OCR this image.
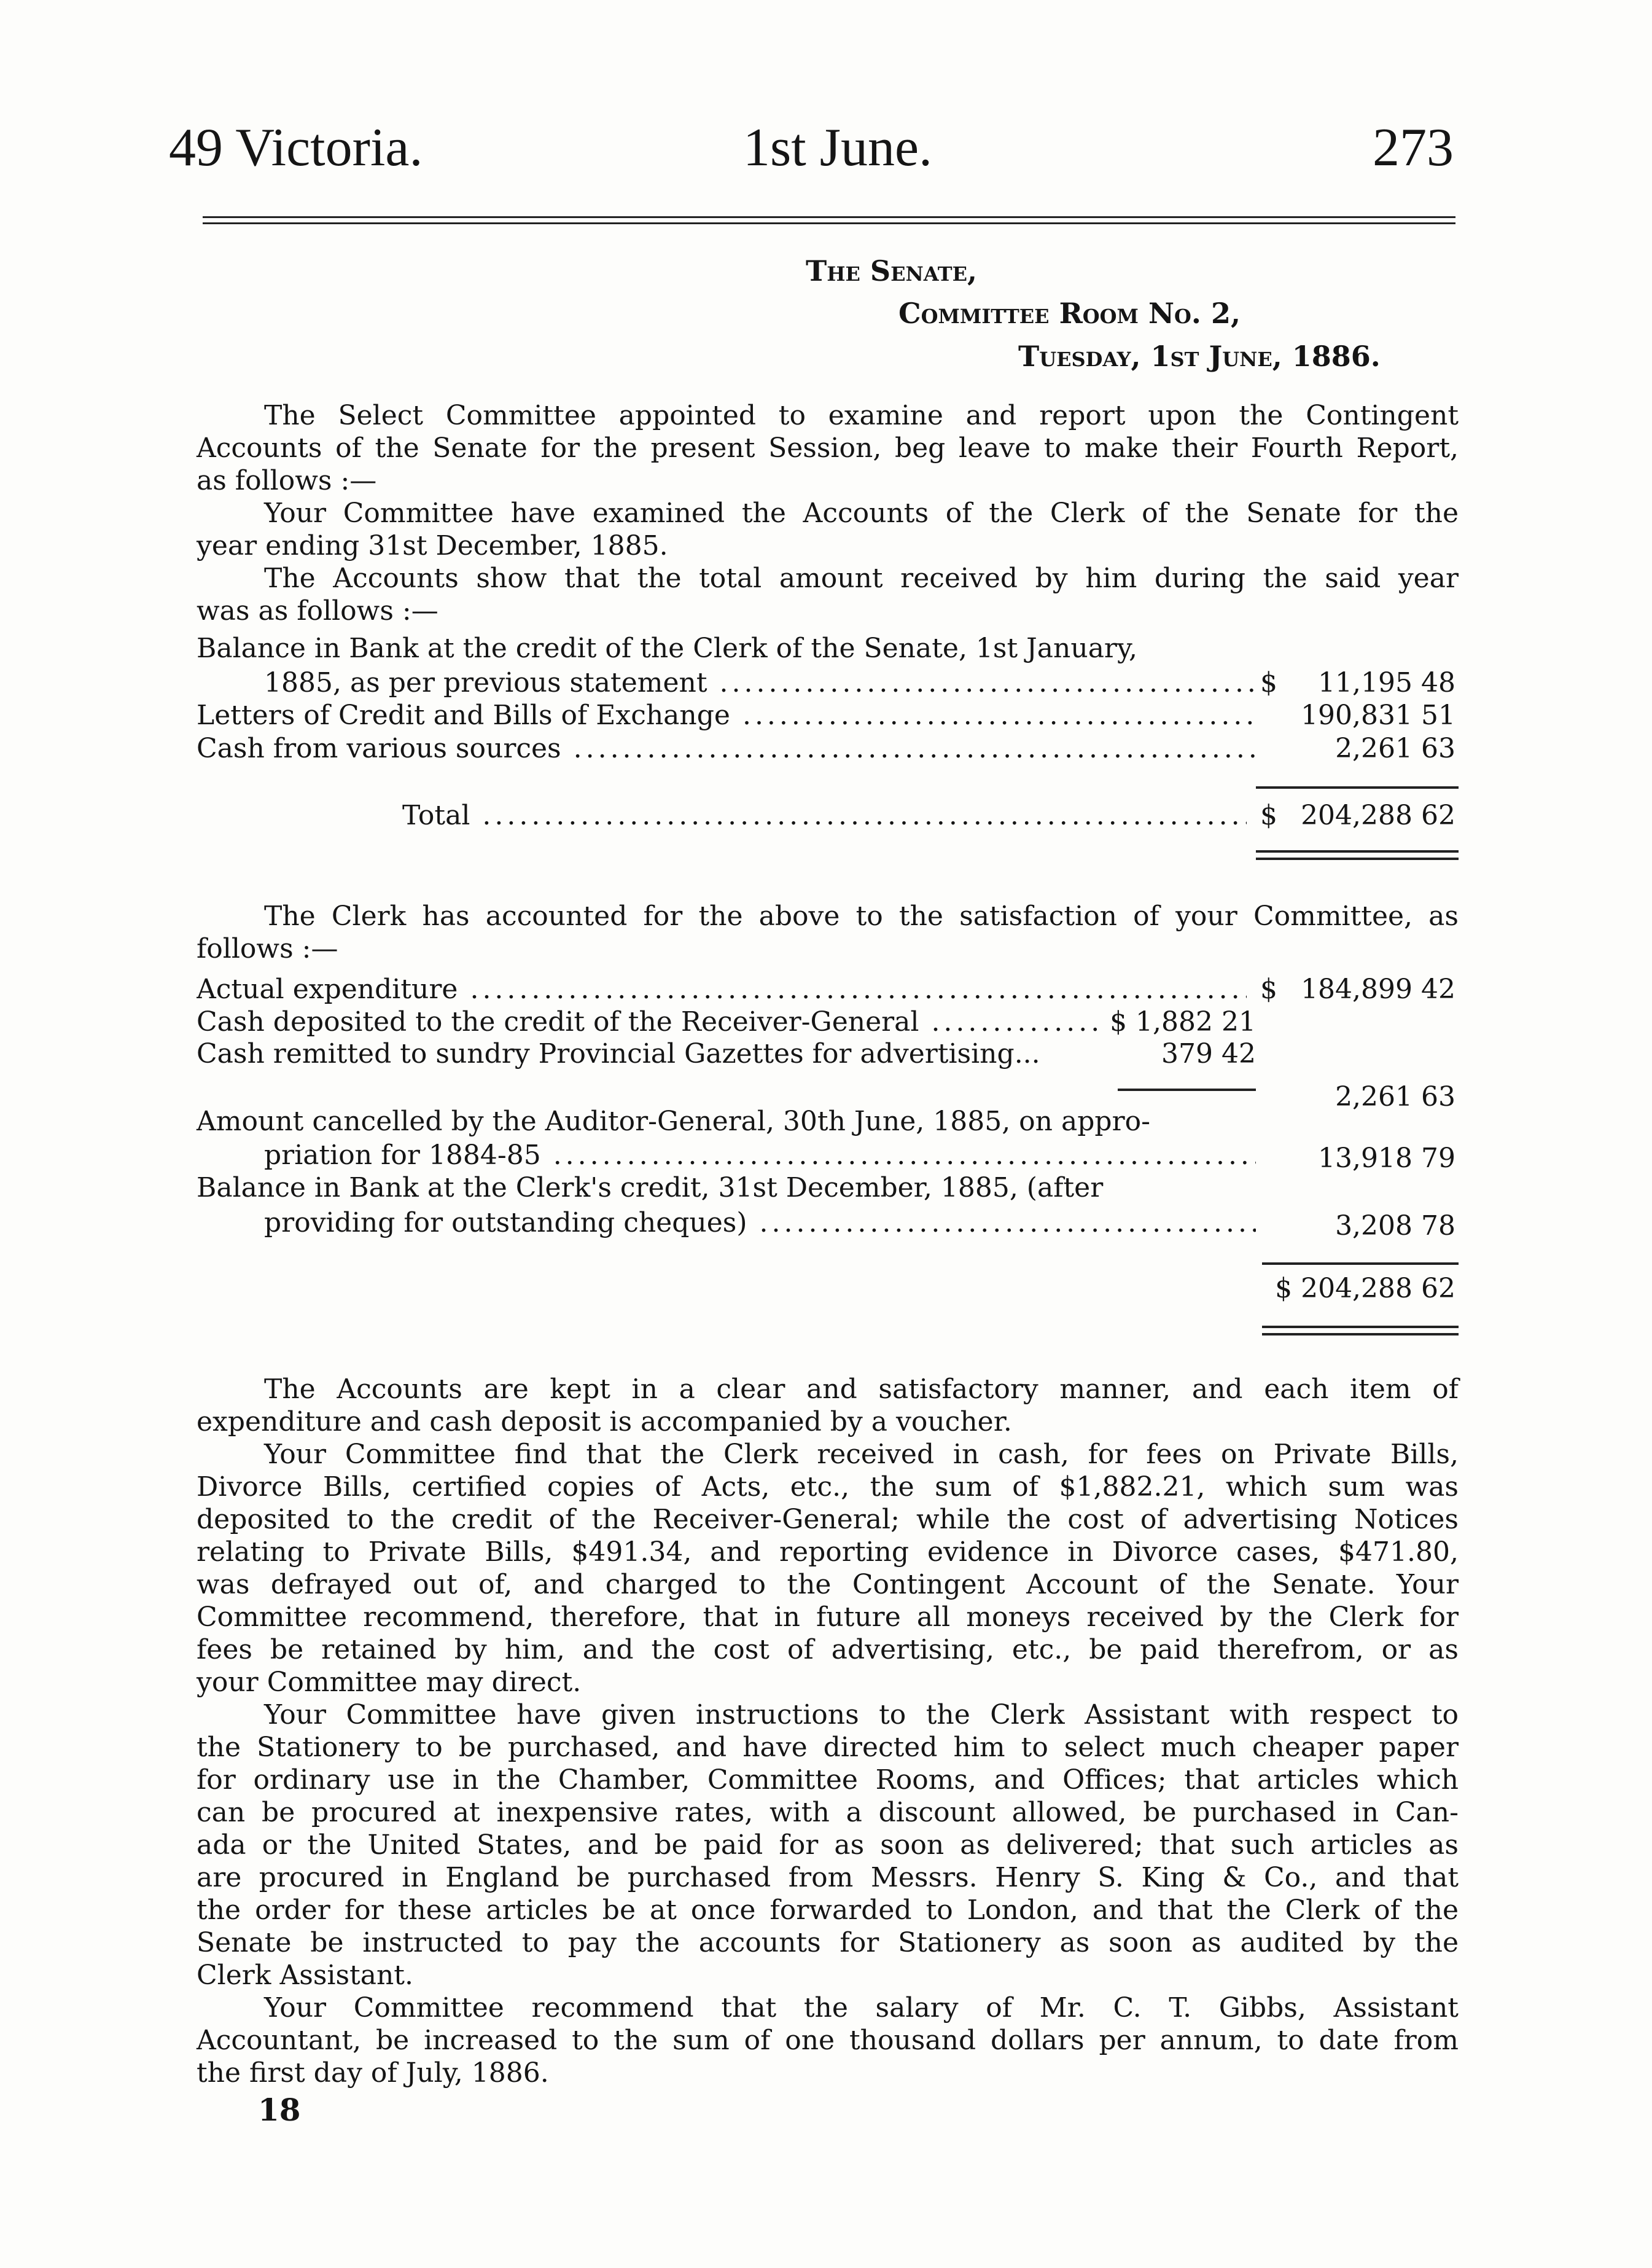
49 Victoria.	1st June.	273
The Senate,
Committee Room No. 2,
Tuesday, 1st June, 1886.

The Select Committee appointed to examine and report upon the Contingent

Accounts of the Senate for the present Session, beg leave to make their Fourth Report,

as follows :—

Your Committee have examined the Accounts of the Clerk of the Senate for the

year ending 31st December, 1885.

The Accounts show that the total amount received by him during the said year

was as follows :—

Balance in Bank at the credit of the Clerk of the Senate, 1st January,
1885, as per previous statement .....	$	11,195 48
Letters of Credit and Bills of Exchange .....	190,831 51
Cash from various sources .....	2,261 63
Total .....	$ 204,288 62

The Clerk has accounted for the above to the satisfaction of your Committee, as

follows :—

Actual expenditure .....	$ 184,899 42
Cash deposited to the credit of the Receiver-General .....	$ 1,882 21
Cash remitted to sundry Provincial Gazettes for advertising...	379 42
2,261 63
Amount cancelled by the Auditor-General, 30th June, 1885, on appro-
priation for 1884-85 .....	13,918 79
Balance in Bank at the Clerk's credit, 31st December, 1885, (after
providing for outstanding cheques) .....	3,208 78
$ 204,288 62

The Accounts are kept in a clear and satisfactory manner, and each item of

expenditure and cash deposit is accompanied by a voucher.

Your Committee find that the Clerk received in cash, for fees on Private Bills,

Divorce Bills, certified copies of Acts, etc., the sum of $1,882.21, which sum was

deposited to the credit of the Receiver-General; while the cost of advertising Notices

relating to Private Bills, $491.34, and reporting evidence in Divorce cases, $471.80,

was defrayed out of, and charged to the Contingent Account of the Senate. Your

Committee recommend, therefore, that in future all moneys received by the Clerk for

fees be retained by him, and the cost of advertising, etc., be paid therefrom, or as

your Committee may direct.

Your Committee have given instructions to the Clerk Assistant with respect to

the Stationery to be purchased, and have directed him to select much cheaper paper

for ordinary use in the Chamber, Committee Rooms, and Offices; that articles which

can be procured at inexpensive rates, with a discount allowed, be purchased in Can-

ada or the United States, and be paid for as soon as delivered; that such articles as

are procured in England be purchased from Messrs. Henry S. King & Co., and that

the order for these articles be at once forwarded to London, and that the Clerk of the

Senate be instructed to pay the accounts for Stationery as soon as audited by the

Clerk Assistant.

Your Committee recommend that the salary of Mr. C. T. Gibbs, Assistant

Accountant, be increased to the sum of one thousand dollars per annum, to date from

the first day of July, 1886.

18
